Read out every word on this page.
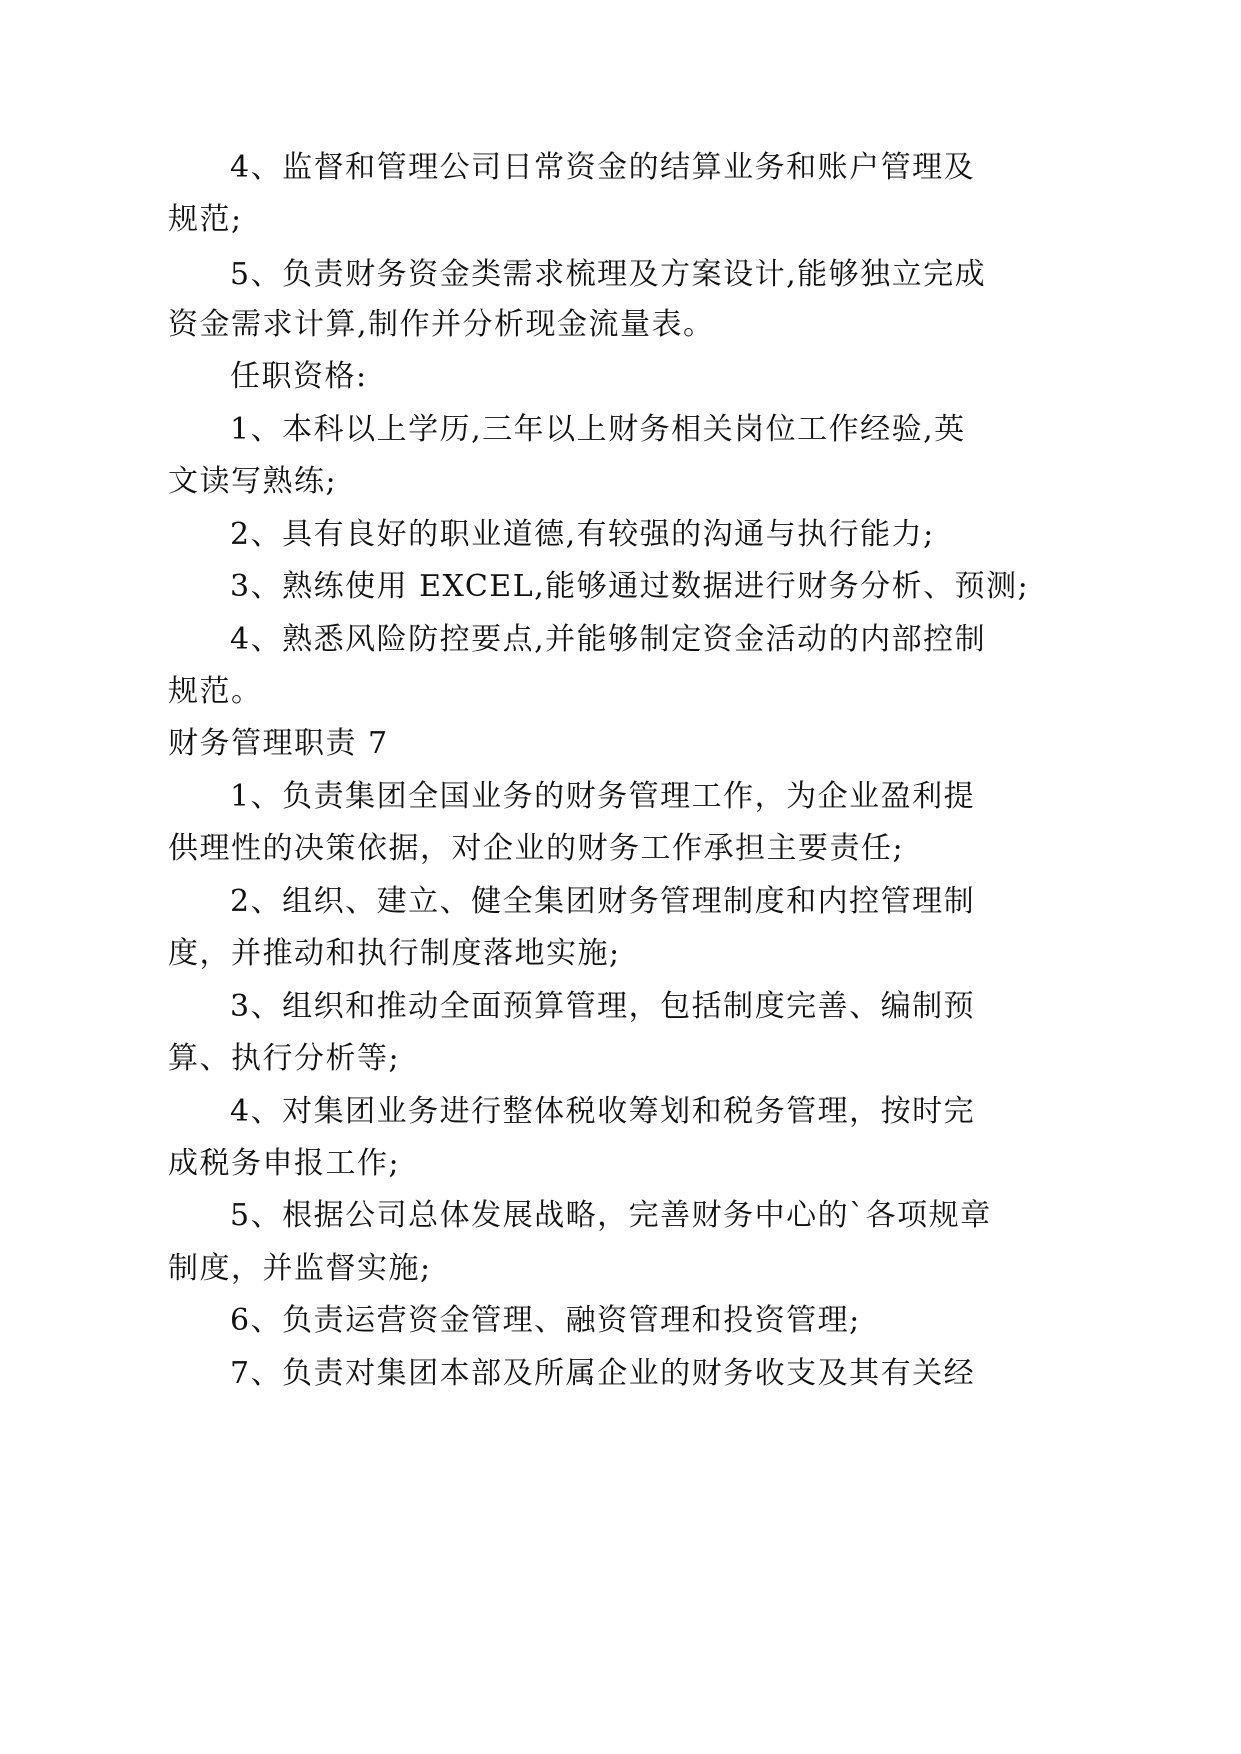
4、监督和管理公司日常资金的结算业务和账户管理及
规范;
5、负责财务资金类需求梳理及方案设计,能够独立完成
资金需求计算,制作并分析现金流量表。
任职资格:
1、本科以上学历,三年以上财务相关岗位工作经验,英
文读写熟练;
2、具有良好的职业道德,有较强的沟通与执行能力;
3、熟练使用 EXCEL,能够通过数据进行财务分析、预测;
4、熟悉风险防控要点,并能够制定资金活动的内部控制
规范。
财务管理职责 7
1、负责集团全国业务的财务管理工作，为企业盈利提
供理性的决策依据，对企业的财务工作承担主要责任;
2、组织、建立、健全集团财务管理制度和内控管理制
度，并推动和执行制度落地实施;
3、组织和推动全面预算管理，包括制度完善、编制预
算、执行分析等;
4、对集团业务进行整体税收筹划和税务管理，按时完
成税务申报工作;
5、根据公司总体发展战略，完善财务中心的`各项规章
制度，并监督实施;
6、负责运营资金管理、融资管理和投资管理;
7、负责对集团本部及所属企业的财务收支及其有关经
